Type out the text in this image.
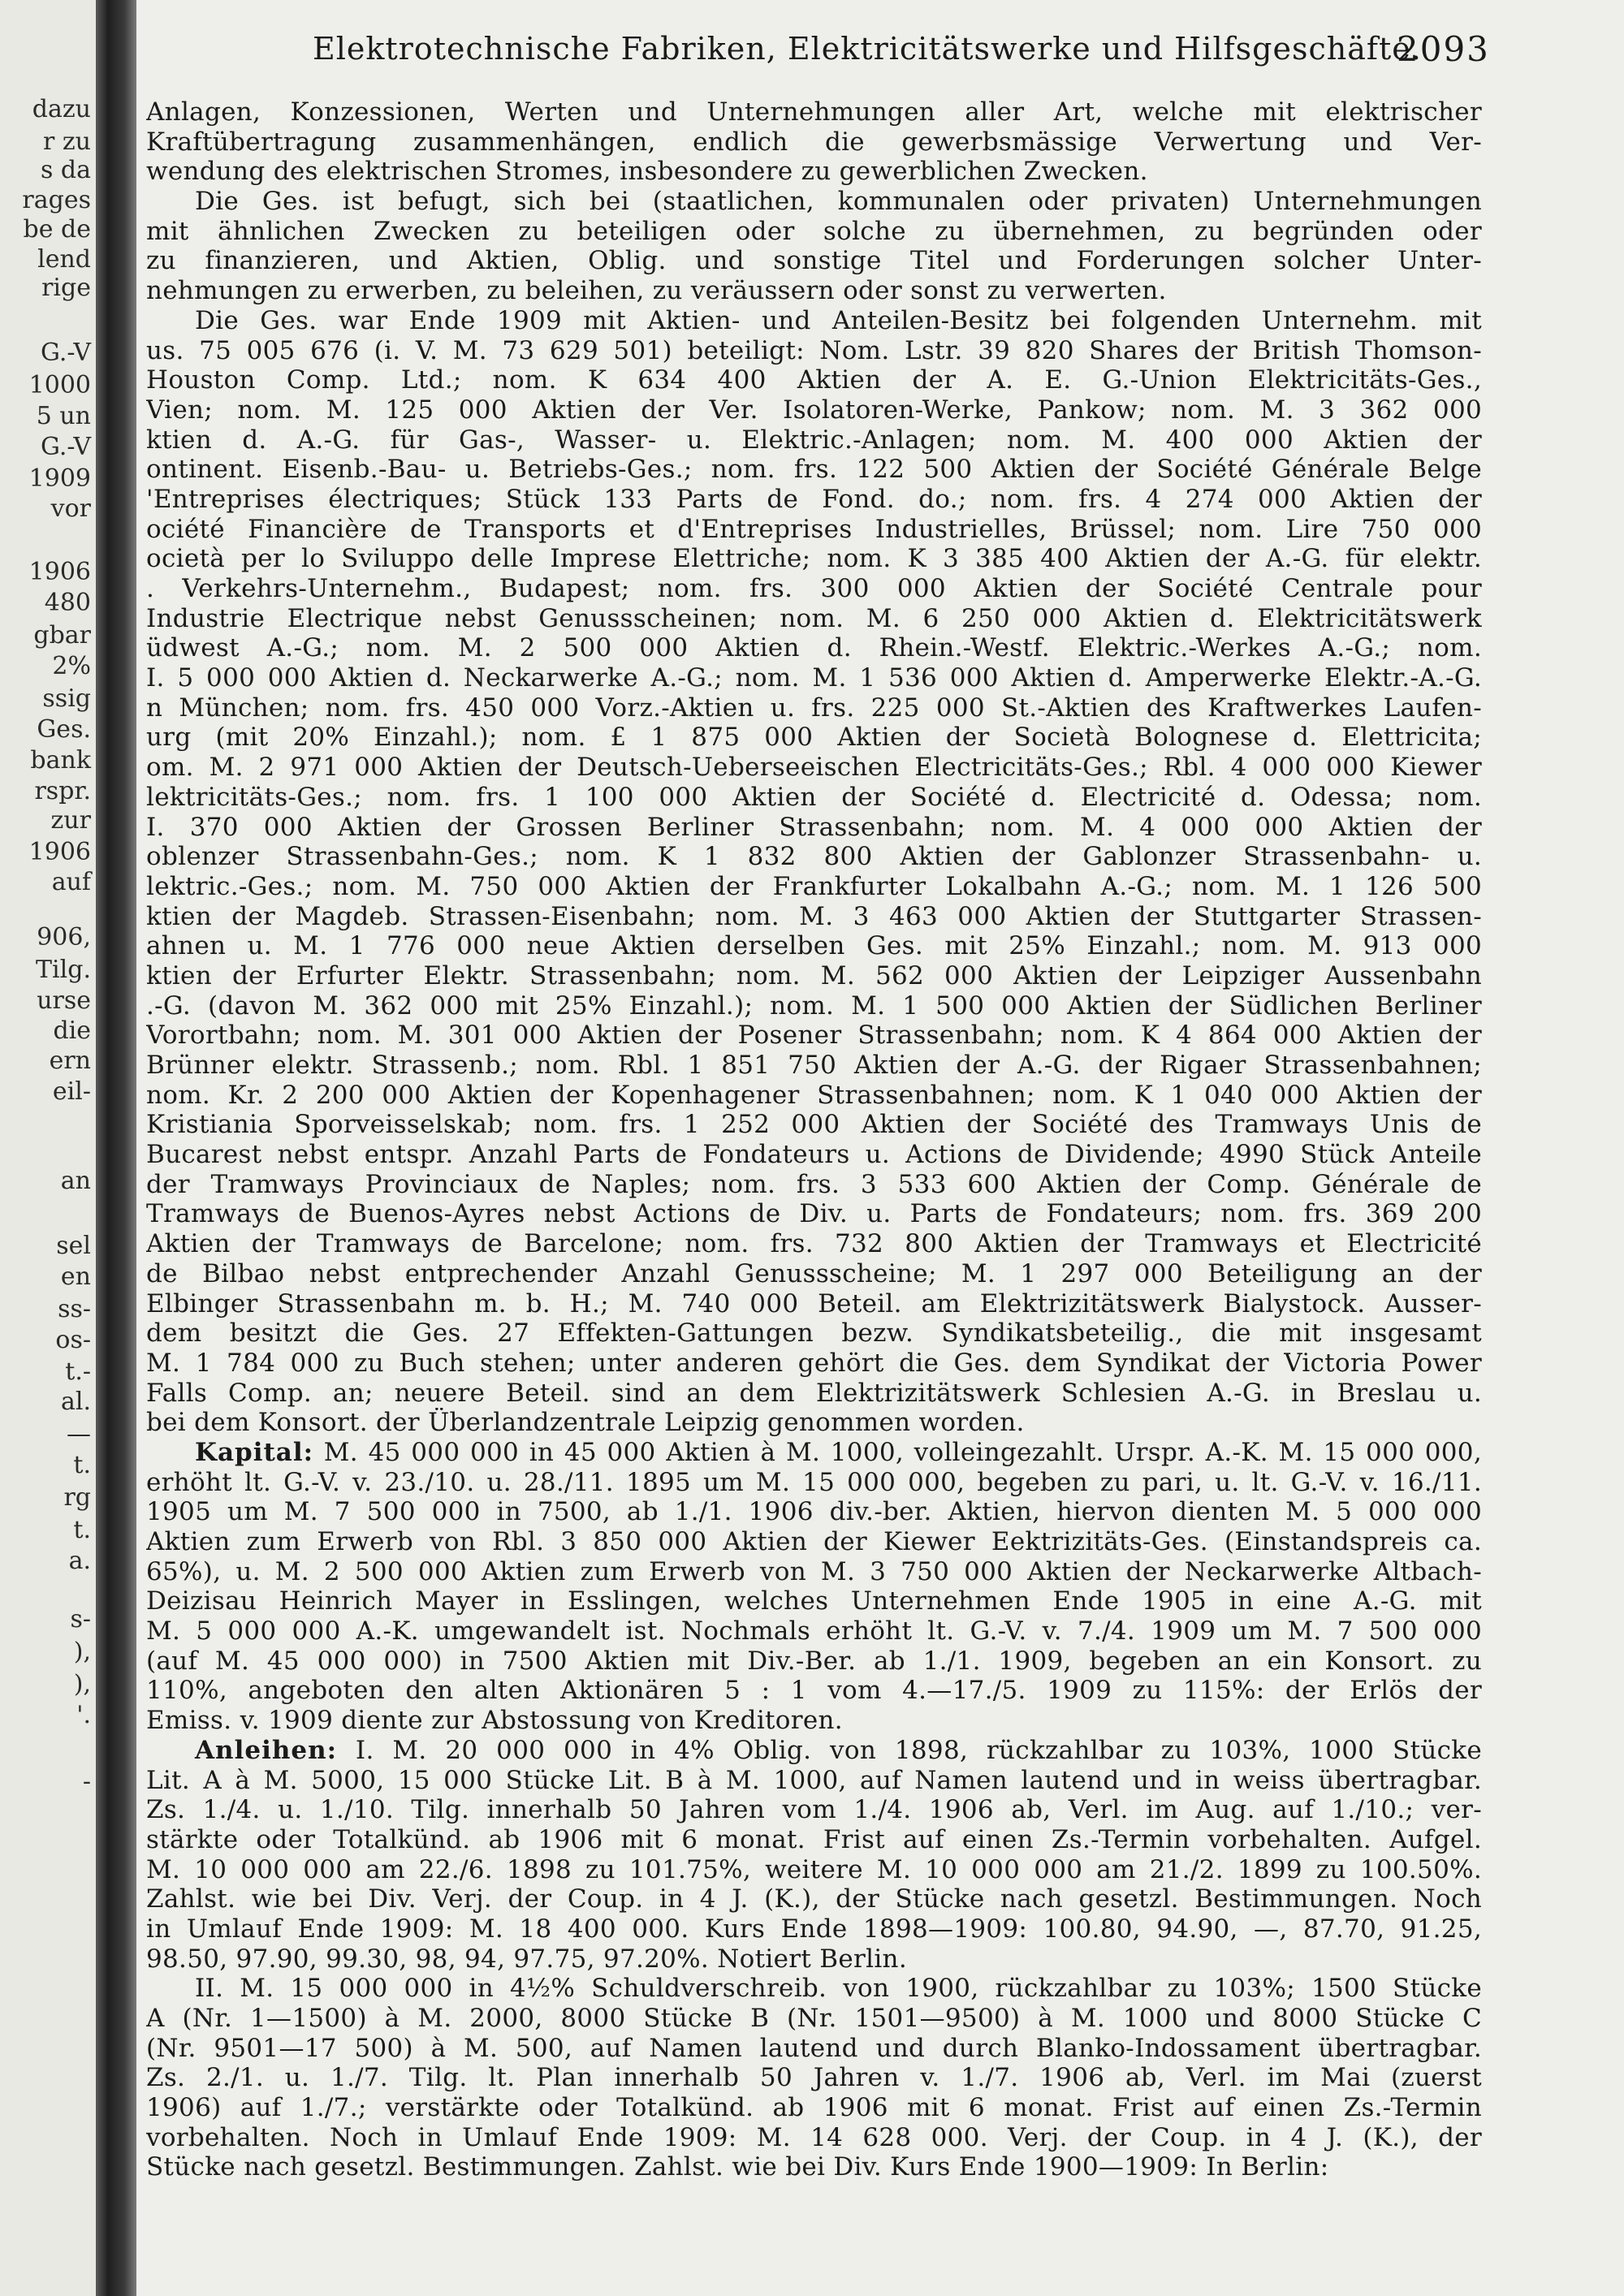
dazu
r zu
s da
rages
be de
lend
rige
G.-V
1000
5 un
G.-V
1909
vor
1906
480
gbar
2%
ssig
Ges.
bank
rspr.
zur
1906
auf
906,
Tilg.
urse
die
ern
eil-
an
sel
en
ss-
os-
t.-
al.
—
t.
rg
t.
a.
s-
),
),
'.
-
Elektrotechnische Fabriken, Elektricitätswerke und Hilfsgeschäfte.
2093
Anlagen, Konzessionen, Werten und Unternehmungen aller Art, welche mit elektrischer
Kraftübertragung zusammenhängen, endlich die gewerbsmässige Verwertung und Ver-
wendung des elektrischen Stromes, insbesondere zu gewerblichen Zwecken.
Die Ges. ist befugt, sich bei (staatlichen, kommunalen oder privaten) Unternehmungen
mit ähnlichen Zwecken zu beteiligen oder solche zu übernehmen, zu begründen oder
zu finanzieren, und Aktien, Oblig. und sonstige Titel und Forderungen solcher Unter-
nehmungen zu erwerben, zu beleihen, zu veräussern oder sonst zu verwerten.
Die Ges. war Ende 1909 mit Aktien- und Anteilen-Besitz bei folgenden Unternehm. mit
us. 75 005 676 (i. V. M. 73 629 501) beteiligt: Nom. Lstr. 39 820 Shares der British Thomson-
Houston Comp. Ltd.; nom. K 634 400 Aktien der A. E. G.-Union Elektricitäts-Ges.,
Vien; nom. M. 125 000 Aktien der Ver. Isolatoren-Werke, Pankow; nom. M. 3 362 000
ktien d. A.-G. für Gas-, Wasser- u. Elektric.-Anlagen; nom. M. 400 000 Aktien der
ontinent. Eisenb.-Bau- u. Betriebs-Ges.; nom. frs. 122 500 Aktien der Société Générale Belge
'Entreprises électriques; Stück 133 Parts de Fond. do.; nom. frs. 4 274 000 Aktien der
ociété Financière de Transports et d'Entreprises Industrielles, Brüssel; nom. Lire 750 000
ocietà per lo Sviluppo delle Imprese Elettriche; nom. K 3 385 400 Aktien der A.-G. für elektr.
. Verkehrs-Unternehm., Budapest; nom. frs. 300 000 Aktien der Société Centrale pour
Industrie Electrique nebst Genussscheinen; nom. M. 6 250 000 Aktien d. Elektricitätswerk
üdwest A.-G.; nom. M. 2 500 000 Aktien d. Rhein.-Westf. Elektric.-Werkes A.-G.; nom.
I. 5 000 000 Aktien d. Neckarwerke A.-G.; nom. M. 1 536 000 Aktien d. Amperwerke Elektr.-A.-G.
n München; nom. frs. 450 000 Vorz.-Aktien u. frs. 225 000 St.-Aktien des Kraftwerkes Laufen-
urg (mit 20% Einzahl.); nom. £ 1 875 000 Aktien der Società Bolognese d. Elettricita;
om. M. 2 971 000 Aktien der Deutsch-Ueberseeischen Electricitäts-Ges.; Rbl. 4 000 000 Kiewer
lektricitäts-Ges.; nom. frs. 1 100 000 Aktien der Société d. Electricité d. Odessa; nom.
I. 370 000 Aktien der Grossen Berliner Strassenbahn; nom. M. 4 000 000 Aktien der
oblenzer Strassenbahn-Ges.; nom. K 1 832 800 Aktien der Gablonzer Strassenbahn- u.
lektric.-Ges.; nom. M. 750 000 Aktien der Frankfurter Lokalbahn A.-G.; nom. M. 1 126 500
ktien der Magdeb. Strassen-Eisenbahn; nom. M. 3 463 000 Aktien der Stuttgarter Strassen-
ahnen u. M. 1 776 000 neue Aktien derselben Ges. mit 25% Einzahl.; nom. M. 913 000
ktien der Erfurter Elektr. Strassenbahn; nom. M. 562 000 Aktien der Leipziger Aussenbahn
.-G. (davon M. 362 000 mit 25% Einzahl.); nom. M. 1 500 000 Aktien der Südlichen Berliner
Vorortbahn; nom. M. 301 000 Aktien der Posener Strassenbahn; nom. K 4 864 000 Aktien der
Brünner elektr. Strassenb.; nom. Rbl. 1 851 750 Aktien der A.-G. der Rigaer Strassenbahnen;
nom. Kr. 2 200 000 Aktien der Kopenhagener Strassenbahnen; nom. K 1 040 000 Aktien der
Kristiania Sporveisselskab; nom. frs. 1 252 000 Aktien der Société des Tramways Unis de
Bucarest nebst entspr. Anzahl Parts de Fondateurs u. Actions de Dividende; 4990 Stück Anteile
der Tramways Provinciaux de Naples; nom. frs. 3 533 600 Aktien der Comp. Générale de
Tramways de Buenos-Ayres nebst Actions de Div. u. Parts de Fondateurs; nom. frs. 369 200
Aktien der Tramways de Barcelone; nom. frs. 732 800 Aktien der Tramways et Electricité
de Bilbao nebst entprechender Anzahl Genussscheine; M. 1 297 000 Beteiligung an der
Elbinger Strassenbahn m. b. H.; M. 740 000 Beteil. am Elektrizitätswerk Bialystock. Ausser-
dem besitzt die Ges. 27 Effekten-Gattungen bezw. Syndikatsbeteilig., die mit insgesamt
M. 1 784 000 zu Buch stehen; unter anderen gehört die Ges. dem Syndikat der Victoria Power
Falls Comp. an; neuere Beteil. sind an dem Elektrizitätswerk Schlesien A.-G. in Breslau u.
bei dem Konsort. der Überlandzentrale Leipzig genommen worden.
Kapital: M. 45 000 000 in 45 000 Aktien à M. 1000, volleingezahlt. Urspr. A.-K. M. 15 000 000,
erhöht lt. G.-V. v. 23./10. u. 28./11. 1895 um M. 15 000 000, begeben zu pari, u. lt. G.-V. v. 16./11.
1905 um M. 7 500 000 in 7500, ab 1./1. 1906 div.-ber. Aktien, hiervon dienten M. 5 000 000
Aktien zum Erwerb von Rbl. 3 850 000 Aktien der Kiewer Eektrizitäts-Ges. (Einstandspreis ca.
65%), u. M. 2 500 000 Aktien zum Erwerb von M. 3 750 000 Aktien der Neckarwerke Altbach-
Deizisau Heinrich Mayer in Esslingen, welches Unternehmen Ende 1905 in eine A.-G. mit
M. 5 000 000 A.-K. umgewandelt ist. Nochmals erhöht lt. G.-V. v. 7./4. 1909 um M. 7 500 000
(auf M. 45 000 000) in 7500 Aktien mit Div.-Ber. ab 1./1. 1909, begeben an ein Konsort. zu
110%, angeboten den alten Aktionären 5 : 1 vom 4.—17./5. 1909 zu 115%: der Erlös der
Emiss. v. 1909 diente zur Abstossung von Kreditoren.
Anleihen: I. M. 20 000 000 in 4% Oblig. von 1898, rückzahlbar zu 103%, 1000 Stücke
Lit. A à M. 5000, 15 000 Stücke Lit. B à M. 1000, auf Namen lautend und in weiss übertragbar.
Zs. 1./4. u. 1./10. Tilg. innerhalb 50 Jahren vom 1./4. 1906 ab, Verl. im Aug. auf 1./10.; ver-
stärkte oder Totalkünd. ab 1906 mit 6 monat. Frist auf einen Zs.-Termin vorbehalten. Aufgel.
M. 10 000 000 am 22./6. 1898 zu 101.75%, weitere M. 10 000 000 am 21./2. 1899 zu 100.50%.
Zahlst. wie bei Div. Verj. der Coup. in 4 J. (K.), der Stücke nach gesetzl. Bestimmungen. Noch
in Umlauf Ende 1909: M. 18 400 000. Kurs Ende 1898—1909: 100.80, 94.90, —, 87.70, 91.25,
98.50, 97.90, 99.30, 98, 94, 97.75, 97.20%. Notiert Berlin.
II. M. 15 000 000 in 4½% Schuldverschreib. von 1900, rückzahlbar zu 103%; 1500 Stücke
A (Nr. 1—1500) à M. 2000, 8000 Stücke B (Nr. 1501—9500) à M. 1000 und 8000 Stücke C
(Nr. 9501—17 500) à M. 500, auf Namen lautend und durch Blanko-Indossament übertragbar.
Zs. 2./1. u. 1./7. Tilg. lt. Plan innerhalb 50 Jahren v. 1./7. 1906 ab, Verl. im Mai (zuerst
1906) auf 1./7.; verstärkte oder Totalkünd. ab 1906 mit 6 monat. Frist auf einen Zs.-Termin
vorbehalten. Noch in Umlauf Ende 1909: M. 14 628 000. Verj. der Coup. in 4 J. (K.), der
Stücke nach gesetzl. Bestimmungen. Zahlst. wie bei Div. Kurs Ende 1900—1909: In Berlin:
